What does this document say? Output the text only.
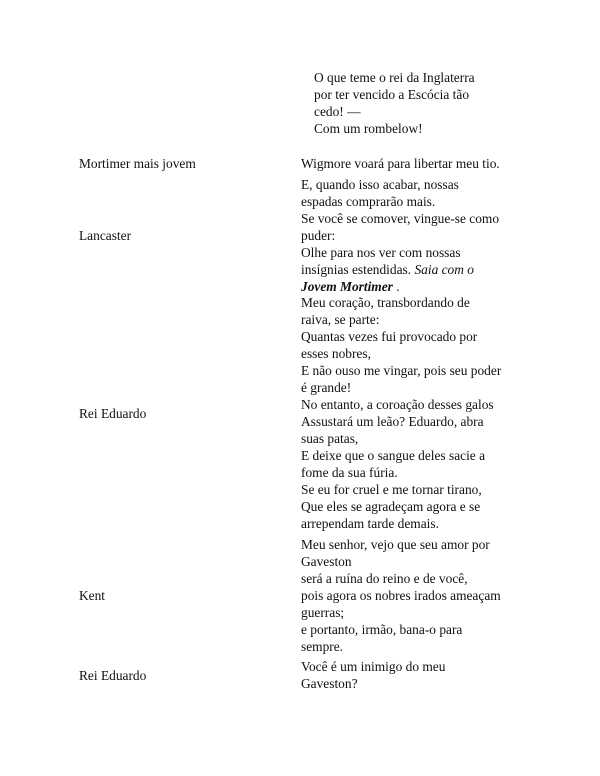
O que teme o rei da Inglaterra
por ter vencido a Escócia tão
cedo! —
Com um rombelow!
Mortimer mais jovem	Wigmore voará para libertar meu tio.
Lancaster
E, quando isso acabar, nossas
espadas comprarão mais.
Se você se comover, vingue-se como
puder:
Olhe para nos ver com nossas
insígnias estendidas. Saia com o
Jovem Mortimer .
Rei Eduardo
Meu coração, transbordando de
raiva, se parte:
Quantas vezes fui provocado por
esses nobres,
E não ouso me vingar, pois seu poder
é grande!
No entanto, a coroação desses galos
Assustará um leão? Eduardo, abra
suas patas,
E deixe que o sangue deles sacie a
fome da sua fúria.
Se eu for cruel e me tornar tirano,
Que eles se agradeçam agora e se
arrependam tarde demais.
Kent
Meu senhor, vejo que seu amor por
Gaveston
será a ruína do reino e de você,
pois agora os nobres irados ameaçam
guerras;
e portanto, irmão, bana-o para
sempre.
Rei Eduardo
Você é um inimigo do meu
Gaveston?
